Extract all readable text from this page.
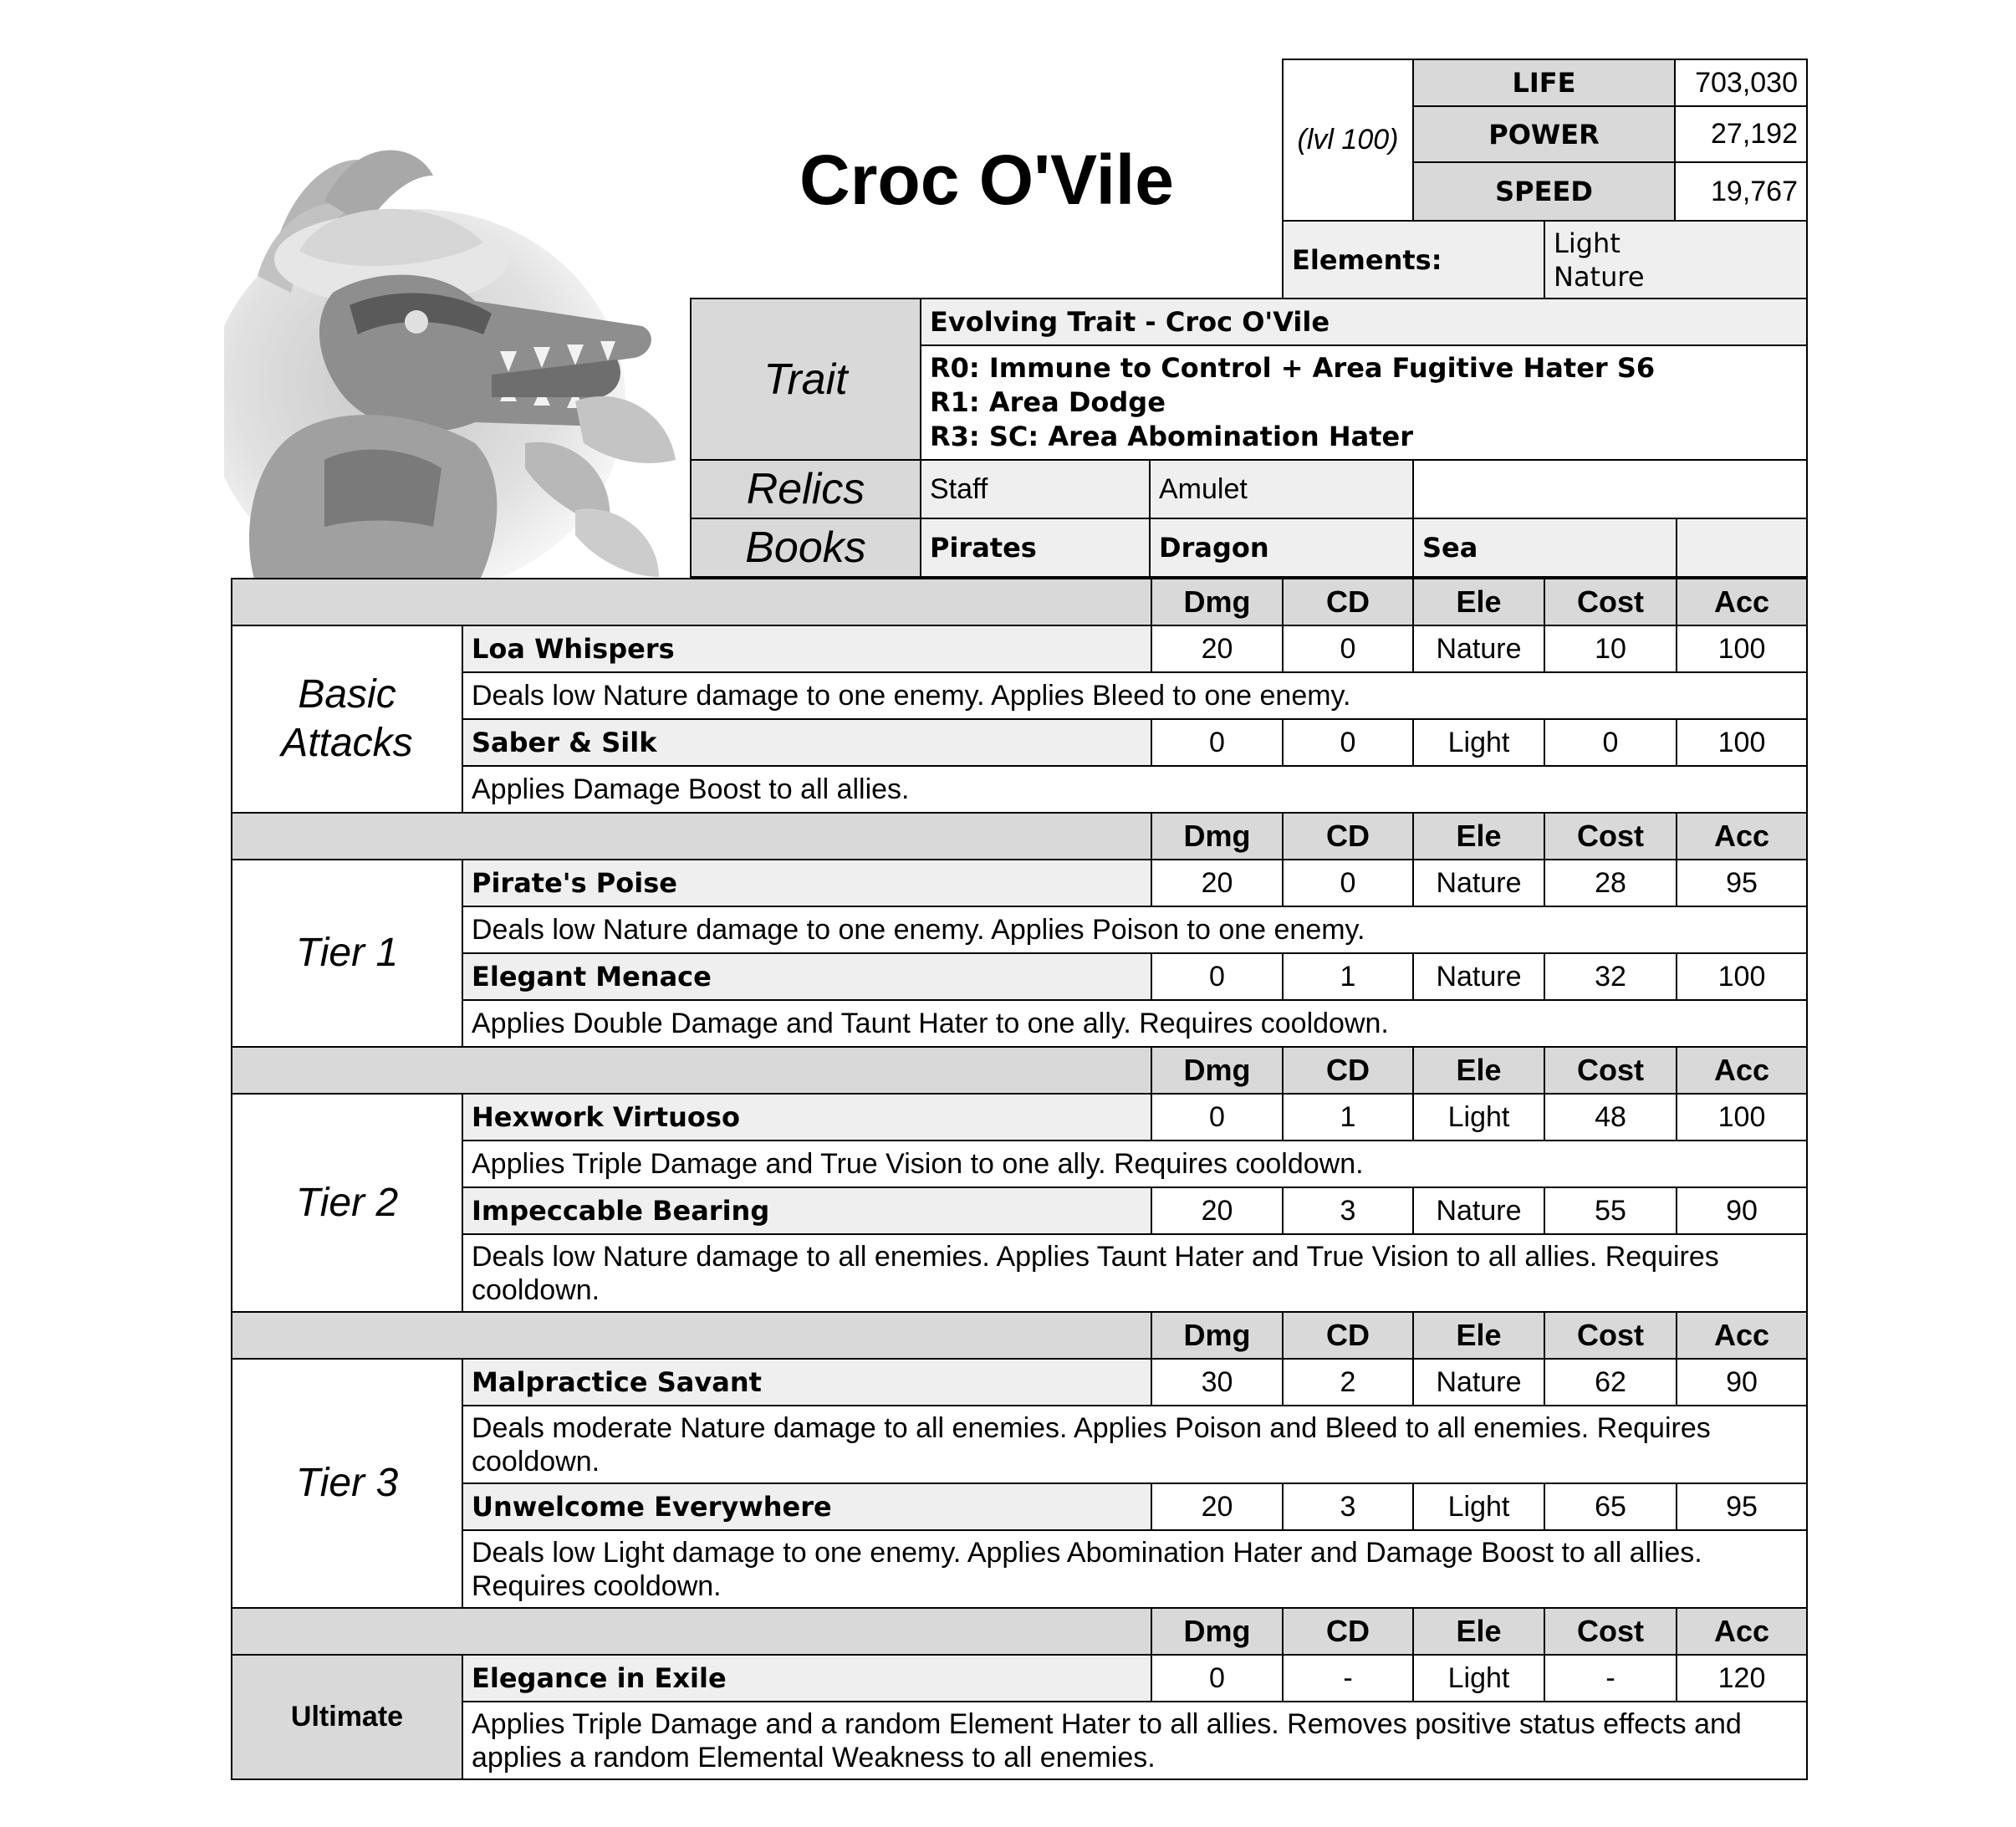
Croc O'Vile
(lvl 100)
LIFE	703,030
POWER	27,192
SPEED	19,767
Elements:
Light
Nature
Trait
Evolving Trait - Croc O'Vile
R0: Immune to Control + Area Fugitive Hater S6
R1: Area Dodge
R3: SC: Area Abomination Hater
Relics	Staff	Amulet
Books	Pirates	Dragon	Sea
Dmg	CD	Ele	Cost	Acc
Basic Attacks
Loa Whispers	20	0	Nature	10	100
Deals low Nature damage to one enemy. Applies Bleed to one enemy.
Saber & Silk	0	0	Light	0	100
Applies Damage Boost to all allies.
Dmg	CD	Ele	Cost	Acc
Tier 1
Pirate's Poise	20	0	Nature	28	95
Deals low Nature damage to one enemy. Applies Poison to one enemy.
Elegant Menace	0	1	Nature	32	100
Applies Double Damage and Taunt Hater to one ally. Requires cooldown.
Dmg	CD	Ele	Cost	Acc
Tier 2
Hexwork Virtuoso	0	1	Light	48	100
Applies Triple Damage and True Vision to one ally. Requires cooldown.
Impeccable Bearing	20	3	Nature	55	90
Deals low Nature damage to all enemies. Applies Taunt Hater and True Vision to all allies. Requires cooldown.
Dmg	CD	Ele	Cost	Acc
Tier 3
Malpractice Savant	30	2	Nature	62	90
Deals moderate Nature damage to all enemies. Applies Poison and Bleed to all enemies. Requires cooldown.
Unwelcome Everywhere	20	3	Light	65	95
Deals low Light damage to one enemy. Applies Abomination Hater and Damage Boost to all allies. Requires cooldown.
Dmg	CD	Ele	Cost	Acc
Ultimate
Elegance in Exile	0	-	Light	-	120
Applies Triple Damage and a random Element Hater to all allies. Removes positive status effects and applies a random Elemental Weakness to all enemies.
